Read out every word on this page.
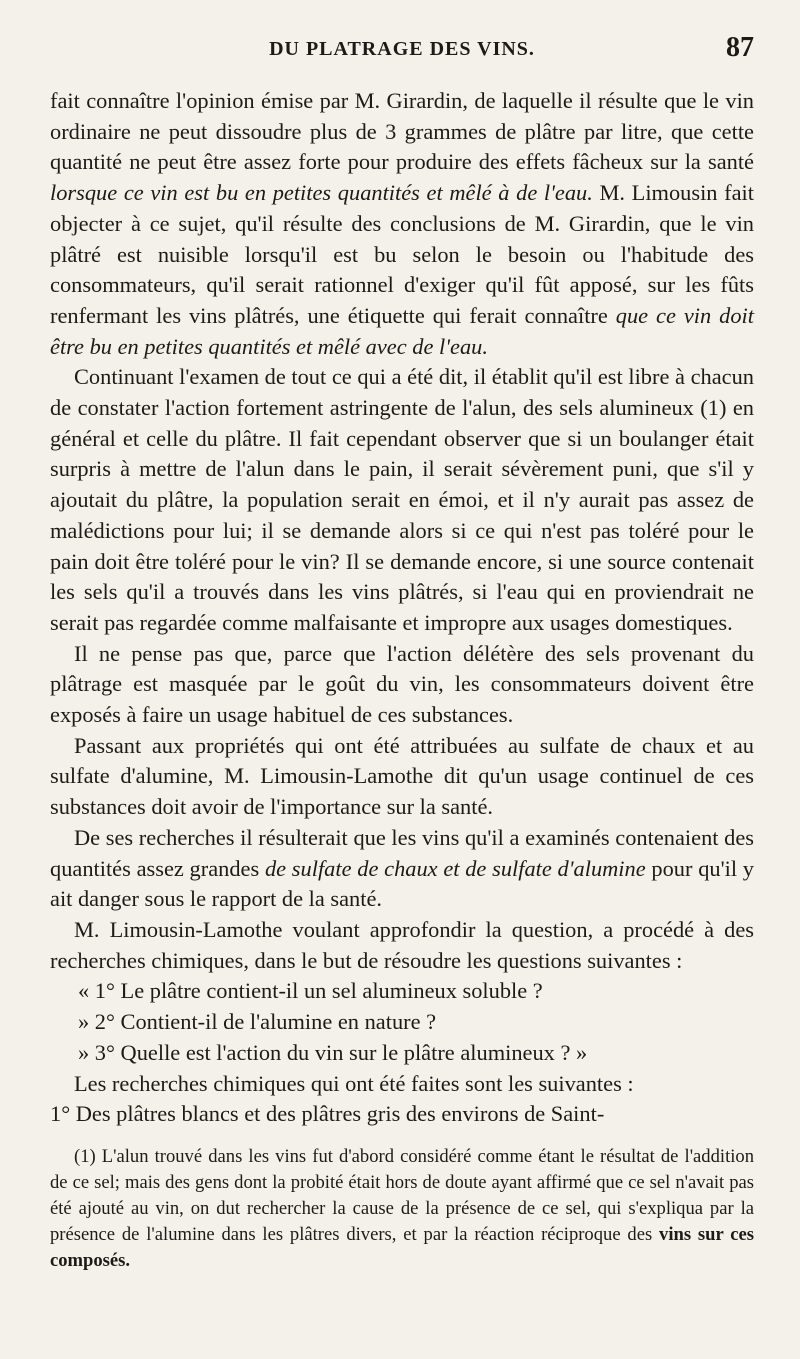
DU PLATRAGE DES VINS.	87

fait connaître l'opinion émise par M. Girardin, de laquelle il résulte que le vin ordinaire ne peut dissoudre plus de 3 grammes de plâtre par litre, que cette quantité ne peut être assez forte pour produire des effets fâcheux sur la santé lorsque ce vin est bu en petites quantités et mêlé à de l'eau. M. Limousin fait objecter à ce sujet, qu'il résulte des conclusions de M. Girardin, que le vin plâtré est nuisible lorsqu'il est bu selon le besoin ou l'habitude des consommateurs, qu'il serait rationnel d'exiger qu'il fût apposé, sur les fûts renfermant les vins plâtrés, une étiquette qui ferait connaître que ce vin doit être bu en petites quantités et mêlé avec de l'eau.

Continuant l'examen de tout ce qui a été dit, il établit qu'il est libre à chacun de constater l'action fortement astringente de l'alun, des sels alumineux (1) en général et celle du plâtre. Il fait cependant observer que si un boulanger était surpris à mettre de l'alun dans le pain, il serait sévèrement puni, que s'il y ajoutait du plâtre, la population serait en émoi, et il n'y aurait pas assez de malédictions pour lui; il se demande alors si ce qui n'est pas toléré pour le pain doit être toléré pour le vin? Il se demande encore, si une source contenait les sels qu'il a trouvés dans les vins plâtrés, si l'eau qui en proviendrait ne serait pas regardée comme malfaisante et impropre aux usages domestiques.

Il ne pense pas que, parce que l'action délétère des sels provenant du plâtrage est masquée par le goût du vin, les consommateurs doivent être exposés à faire un usage habituel de ces substances.

Passant aux propriétés qui ont été attribuées au sulfate de chaux et au sulfate d'alumine, M. Limousin-Lamothe dit qu'un usage continuel de ces substances doit avoir de l'importance sur la santé.

De ses recherches il résulterait que les vins qu'il a examinés contenaient des quantités assez grandes de sulfate de chaux et de sulfate d'alumine pour qu'il y ait danger sous le rapport de la santé.

M. Limousin-Lamothe voulant approfondir la question, a procédé à des recherches chimiques, dans le but de résoudre les questions suivantes :

« 1° Le plâtre contient-il un sel alumineux soluble ?

» 2° Contient-il de l'alumine en nature ?

» 3° Quelle est l'action du vin sur le plâtre alumineux ? »

Les recherches chimiques qui ont été faites sont les suivantes :

1° Des plâtres blancs et des plâtres gris des environs de Saint-

(1) L'alun trouvé dans les vins fut d'abord considéré comme étant le résultat de l'addition de ce sel; mais des gens dont la probité était hors de doute ayant affirmé que ce sel n'avait pas été ajouté au vin, on dut rechercher la cause de la présence de ce sel, qui s'expliqua par la présence de l'alumine dans les plâtres divers, et par la réaction réciproque des vins sur ces composés.
